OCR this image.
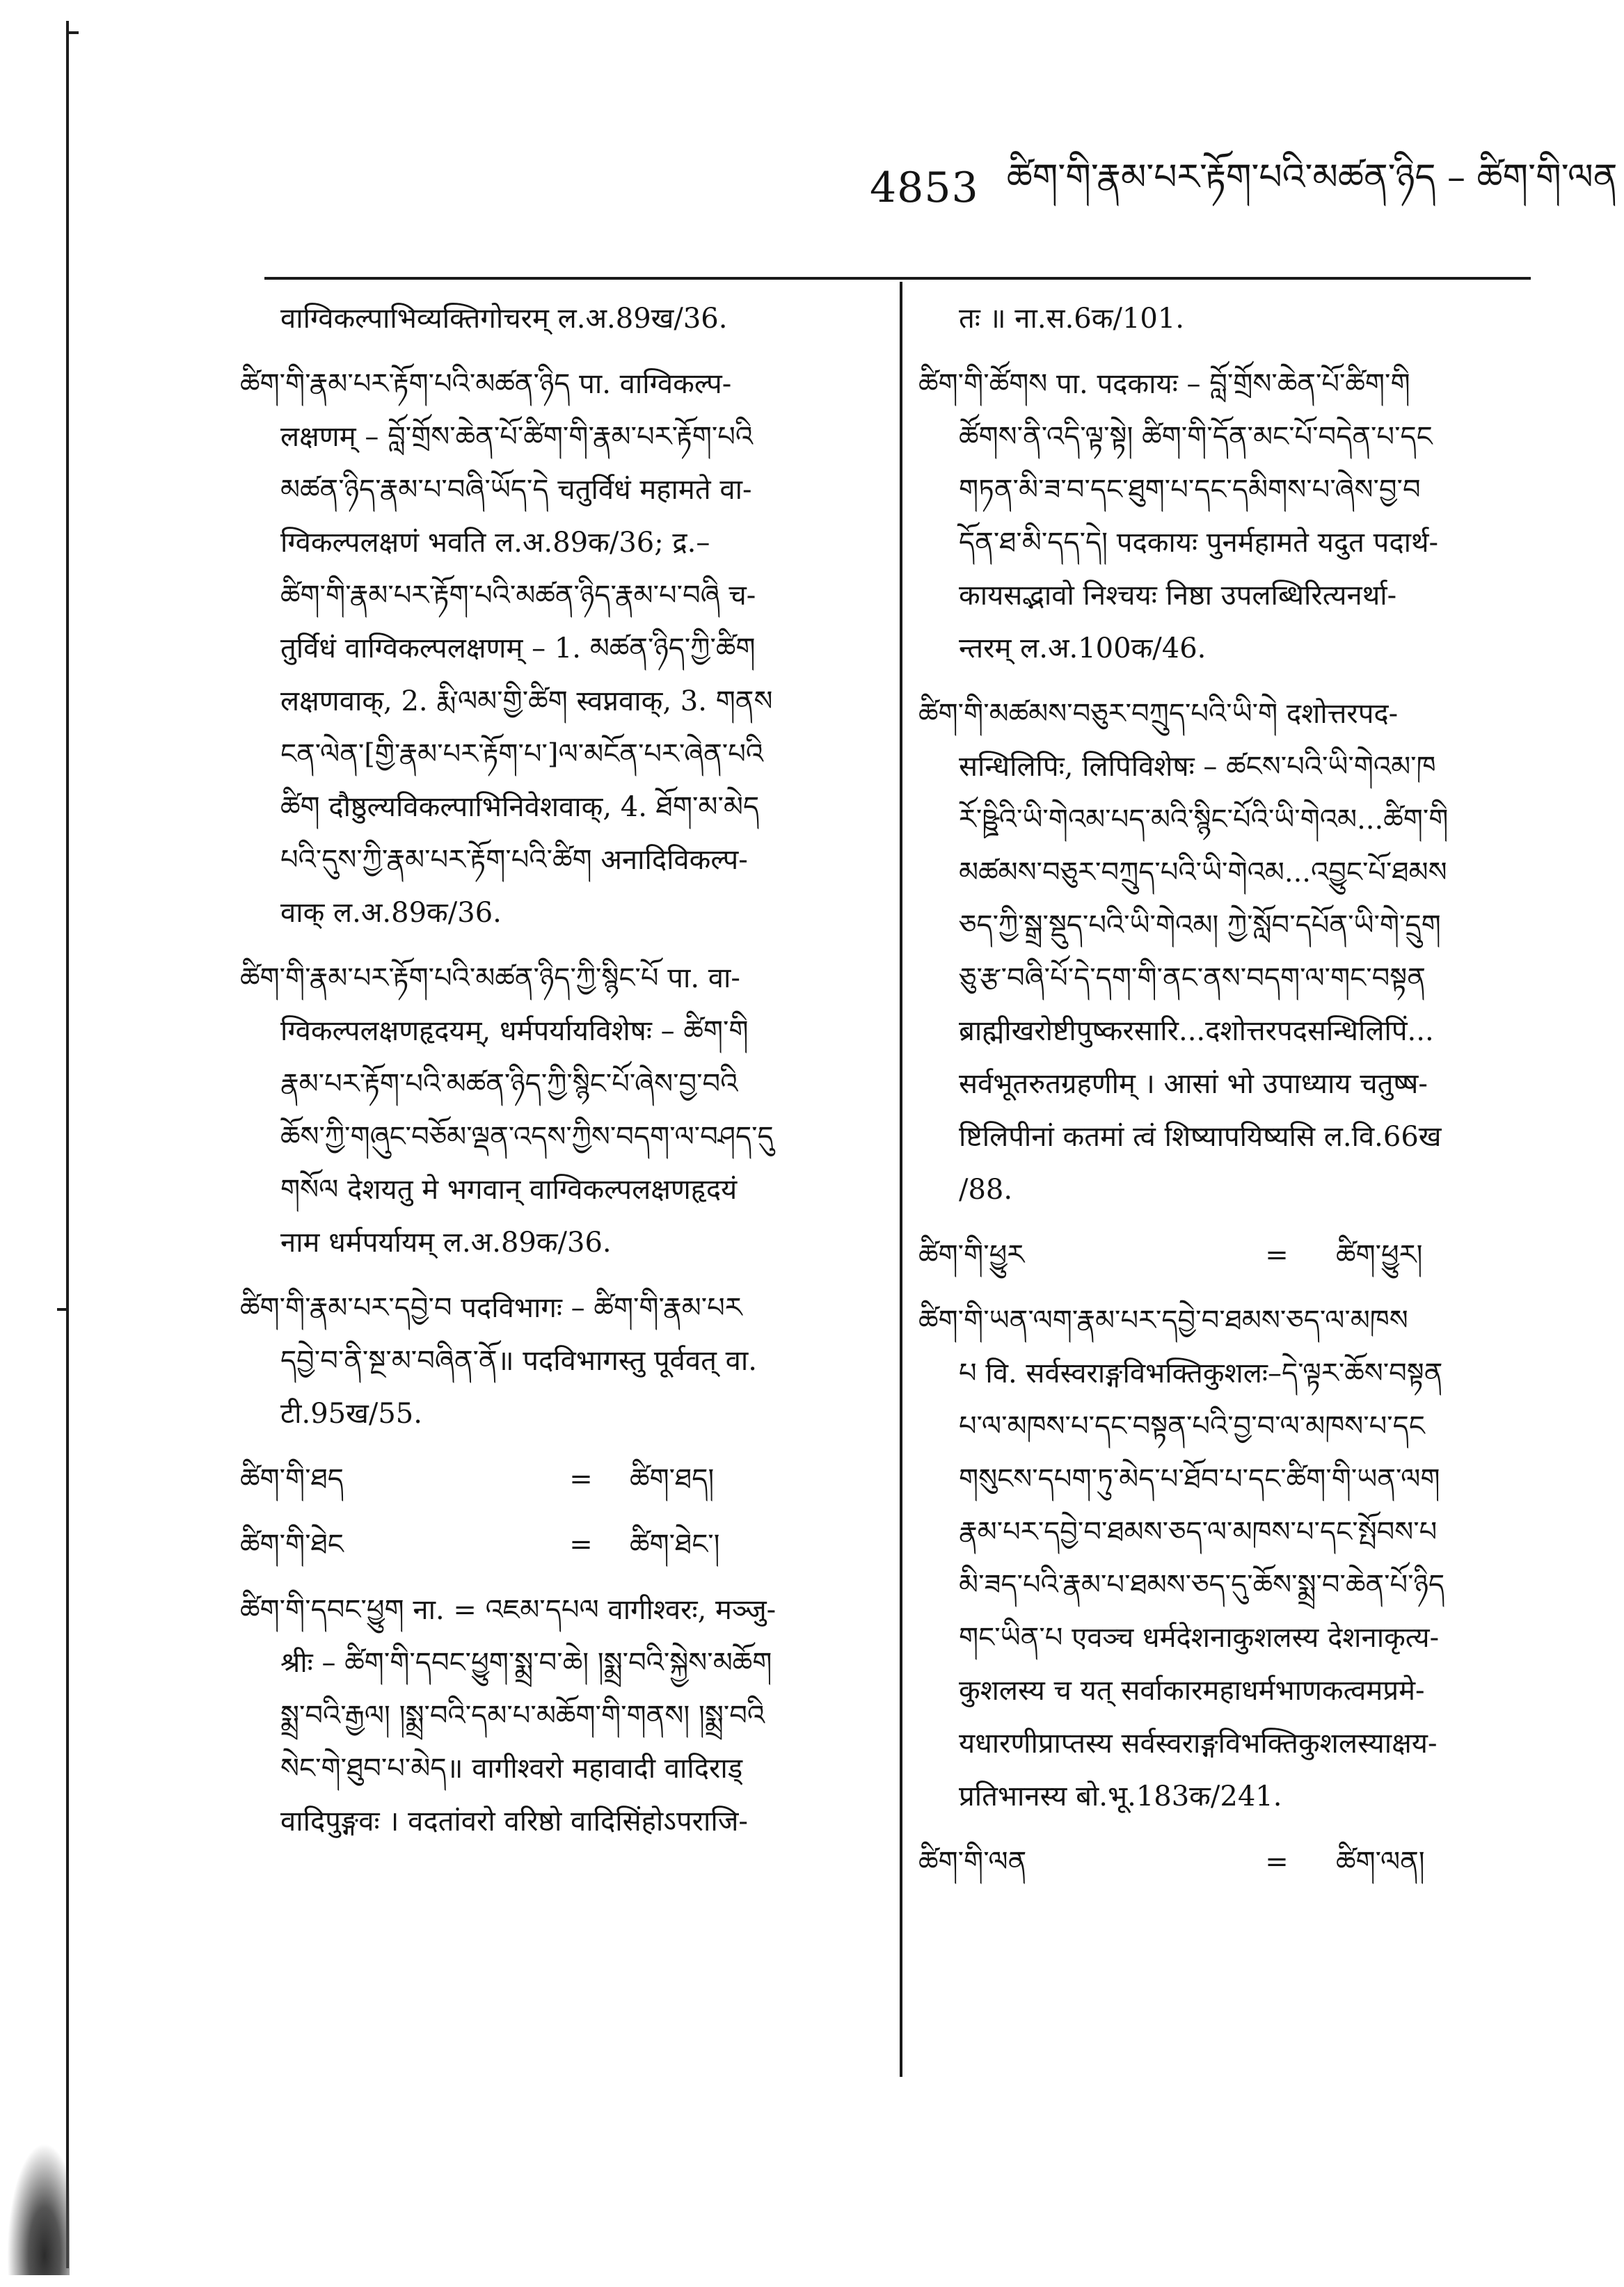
4853 ཚིག་གི་རྣམ་པར་རྟོག་པའི་མཚན་ཉིད – ཚིག་གི་ལན
वाग्विकल्पाभिव्यक्तिगोचरम् ल.अ.89ख/36.
ཚིག་གི་རྣམ་པར་རྟོག་པའི་མཚན་ཉིད पा. वाग्विकल्प-
लक्षणम् – བློ་གྲོས་ཆེན་པོ་ཚིག་གི་རྣམ་པར་རྟོག་པའི
མཚན་ཉིད་རྣམ་པ་བཞི་ཡོད་དེ चतुर्विधं महामते वा-
ग्विकल्पलक्षणं भवति ल.अ.89क/36; द्र.–
ཚིག་གི་རྣམ་པར་རྟོག་པའི་མཚན་ཉིད་རྣམ་པ་བཞི च-
तुर्विधं वाग्विकल्पलक्षणम् – 1. མཚན་ཉིད་ཀྱི་ཚིག
लक्षणवाक्, 2. རྨི་ལམ་གྱི་ཚིག स्वप्नवाक्, 3. གནས
ངན་ལེན་[གྱི་རྣམ་པར་རྟོག་པ་]ལ་མངོན་པར་ཞེན་པའི
ཚིག दौष्ठुल्यविकल्पाभिनिवेशवाक्, 4. ཐོག་མ་མེད
པའི་དུས་ཀྱི་རྣམ་པར་རྟོག་པའི་ཚིག अनादिविकल्प-
वाक् ल.अ.89क/36.
ཚིག་གི་རྣམ་པར་རྟོག་པའི་མཚན་ཉིད་ཀྱི་སྙིང་པོ पा. वा-
ग्विकल्पलक्षणहृदयम्, धर्मपर्यायविशेषः – ཚིག་གི
རྣམ་པར་རྟོག་པའི་མཚན་ཉིད་ཀྱི་སྙིང་པོ་ཞེས་བྱ་བའི
ཆོས་ཀྱི་གཞུང་བཅོམ་ལྡན་འདས་ཀྱིས་བདག་ལ་བཤད་དུ
གསོལ देशयतु मे भगवान् वाग्विकल्पलक्षणहृदयं
नाम धर्मपर्यायम् ल.अ.89क/36.
ཚིག་གི་རྣམ་པར་དབྱེ་བ पदविभागः – ཚིག་གི་རྣམ་པར
དབྱེ་བ་ནི་སྔ་མ་བཞིན་ནོ॥ पदविभागस्तु पूर्ववत् वा.
टी.95ख/55.
ཚིག་གི་ཐད	=	ཚིག་ཐད།
ཚིག་གི་ཐེང	=	ཚིག་ཐེང་།
ཚིག་གི་དབང་ཕྱུག ना. = འཇམ་དཔལ वागीश्वरः, मञ्जु-
श्रीः – ཚིག་གི་དབང་ཕྱུག་སྨྲ་བ་ཆེ། །སྨྲ་བའི་སྐྱེས་མཆོག
སྨྲ་བའི་རྒྱལ། །སྨྲ་བའི་དམ་པ་མཆོག་གི་གནས། །སྨྲ་བའི
སེང་གེ་ཐུབ་པ་མེད॥ वागीश्वरो महावादी वादिराड्
वादिपुङ्गवः । वदतांवरो वरिष्ठो वादिसिंहोऽपराजि-
तः ॥ ना.स.6क/101.
ཚིག་གི་ཚོགས पा. पदकायः – བློ་གྲོས་ཆེན་པོ་ཚིག་གི
ཚོགས་ནི་འདི་ལྟ་སྟེ། ཚིག་གི་དོན་མང་པོ་བདེན་པ་དང
གཏན་མི་ཟ་བ་དང་ཐུག་པ་དང་དམིགས་པ་ཞེས་བྱ་བ
དོན་ཐ་མི་དད་དེ། पदकायः पुनर्महामते यदुत पदार्थ-
कायसद्भावो निश्चयः निष्ठा उपलब्धिरित्यनर्था-
न्तरम् ल.अ.100क/46.
ཚིག་གི་མཚམས་བཅུར་བཀྲུད་པའི་ཡི་གེ दशोत्तरपद-
सन्धिलिपिः, लिपिविशेषः – ཚངས་པའི་ཡི་གེའམ་ཁ
རོ་ཥྛིའི་ཡི་གེའམ་པད་མའི་སྙིང་པོའི་ཡི་གེའམ...ཚིག་གི
མཚམས་བཅུར་བཀྲུད་པའི་ཡི་གེའམ...འབྱུང་པོ་ཐམས
ཅད་ཀྱི་སྒྲ་སྡུད་པའི་ཡི་གེའམ། ཀྱེ་སློབ་དཔོན་ཡི་གེ་དྲུག
ཅུ་རྩ་བཞི་པོ་དེ་དག་གི་ནང་ནས་བདག་ལ་གང་བསྟན
ब्राह्मीखरोष्टीपुष्करसारि...दशोत्तरपदसन्धिलिपिं...
सर्वभूतरुतग्रहणीम् । आसां भो उपाध्याय चतुष्ष-
ष्टिलिपीनां कतमां त्वं शिष्यापयिष्यसि ल.वि.66ख
/88.
ཚིག་གི་ཕྱུར	=	ཚིག་ཕྱུར།
ཚིག་གི་ཡན་ལག་རྣམ་པར་དབྱེ་བ་ཐམས་ཅད་ལ་མཁས
པ वि. सर्वस्वराङ्गविभक्तिकुशलः–དེ་ལྟར་ཆོས་བསྟན
པ་ལ་མཁས་པ་དང་བསྟན་པའི་བྱ་བ་ལ་མཁས་པ་དང
གསུངས་དཔག་ཏུ་མེད་པ་ཐོབ་པ་དང་ཚིག་གི་ཡན་ལག
རྣམ་པར་དབྱེ་བ་ཐམས་ཅད་ལ་མཁས་པ་དང་སྤོབས་པ
མི་ཟད་པའི་རྣམ་པ་ཐམས་ཅད་དུ་ཆོས་སྨྲ་བ་ཆེན་པོ་ཉིད
གང་ཡིན་པ एवञ्च धर्मदेशनाकुशलस्य देशनाकृत्य-
कुशलस्य च यत् सर्वाकारमहाधर्मभाणकत्वमप्रमे-
यधारणीप्राप्तस्य सर्वस्वराङ्गविभक्तिकुशलस्याक्षय-
प्रतिभानस्य बो.भू.183क/241.
ཚིག་གི་ལན	=	ཚིག་ལན།
